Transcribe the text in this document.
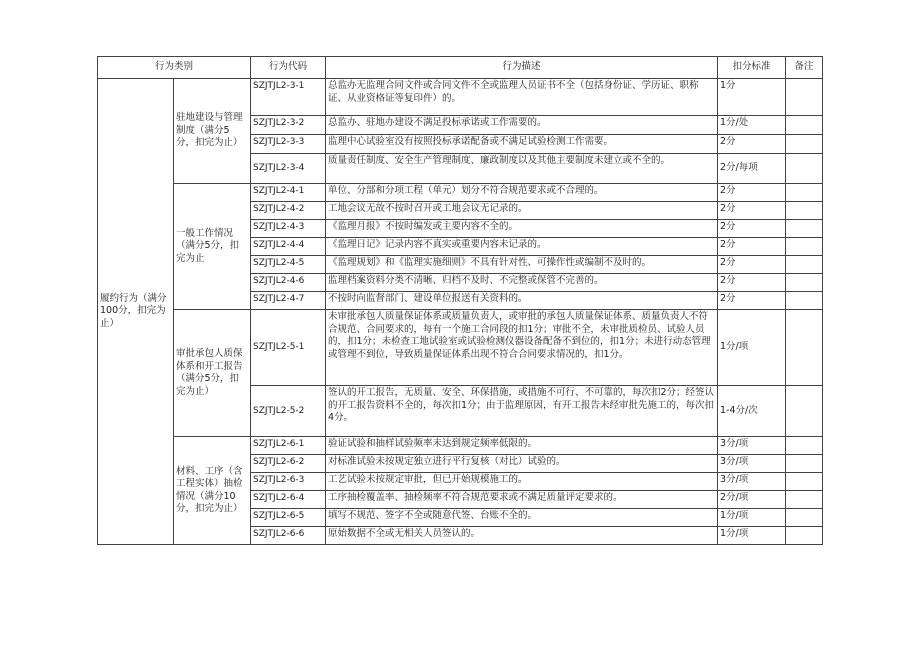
行为类别		行为代码	行为描述	扣分标准	备注
履约行为（满分100分，扣完为止）	驻地建设与管理制度（满分5分，扣完为止）	SZJTJL2-3-1	总监办无监理合同文件或合同文件不全或监理人员证书不全（包括身份证、学历证、职称证、从业资格证等复印件）的。	1分	
		SZJTJL2-3-2	总监办、驻地办建设不满足投标承诺或工作需要的。	1分/处	
		SZJTJL2-3-3	监理中心试验室没有按照投标承诺配备或不满足试验检测工作需要。	2分	
		SZJTJL2-3-4	质量责任制度、安全生产管理制度、廉政制度以及其他主要制度未建立或不全的。	2分/每项	
	一般工作情况（满分5分，扣完为止	SZJTJL2-4-1	单位、分部和分项工程（单元）划分不符合规范要求或不合理的。	2分	
		SZJTJL2-4-2	工地会议无故不按时召开或工地会议无记录的。	2分	
		SZJTJL2-4-3	《监理月报》不按时编发或主要内容不全的。	2分	
		SZJTJL2-4-4	《监理日记》记录内容不真实或重要内容未记录的。	2分	
		SZJTJL2-4-5	《监理规划》和《监理实施细则》不具有针对性、可操作性或编制不及时的。	2分	
		SZJTJL2-4-6	监理档案资料分类不清晰、归档不及时、不完整或保管不完善的。	2分	
		SZJTJL2-4-7	不按时向监督部门、建设单位报送有关资料的。	2分	
	审批承包人质保体系和开工报告（满分5分，扣完为止）	SZJTJL2-5-1	未审批承包人质量保证体系或质量负责人，或审批的承包人质量保证体系、质量负责人不符合规范、合同要求的，每有一个施工合同段的扣1分；审批不全，未审批质检员、试验人员的，扣1分；未检查工地试验室或试验检测仪器设备配备不到位的，扣1分；未进行动态管理或管理不到位，导致质量保证体系出现不符合合同要求情况的，扣1分。	1分/项	
		SZJTJL2-5-2	签认的开工报告，无质量、安全、环保措施，或措施不可行、不可靠的，每次扣2分；经签认的开工报告资料不全的，每次扣1分；由于监理原因，有开工报告未经审批先施工的，每次扣4分。	1-4分/次	
	材料、工序（含工程实体）抽检情况（满分10分，扣完为止）	SZJTJL2-6-1	验证试验和抽样试验频率未达到规定频率低限的。	3分/项	
		SZJTJL2-6-2	对标准试验未按规定独立进行平行复核（对比）试验的。	3分/项	
		SZJTJL2-6-3	工艺试验未按规定审批，但已开始规模施工的。	3分/项	
		SZJTJL2-6-4	工序抽检覆盖率、抽检频率不符合规范要求或不满足质量评定要求的。	2分/项	
		SZJTJL2-6-5	填写不规范、签字不全或随意代签、台账不全的。	1分/项	
		SZJTJL2-6-6	原始数据不全或无相关人员签认的。	1分/项	
